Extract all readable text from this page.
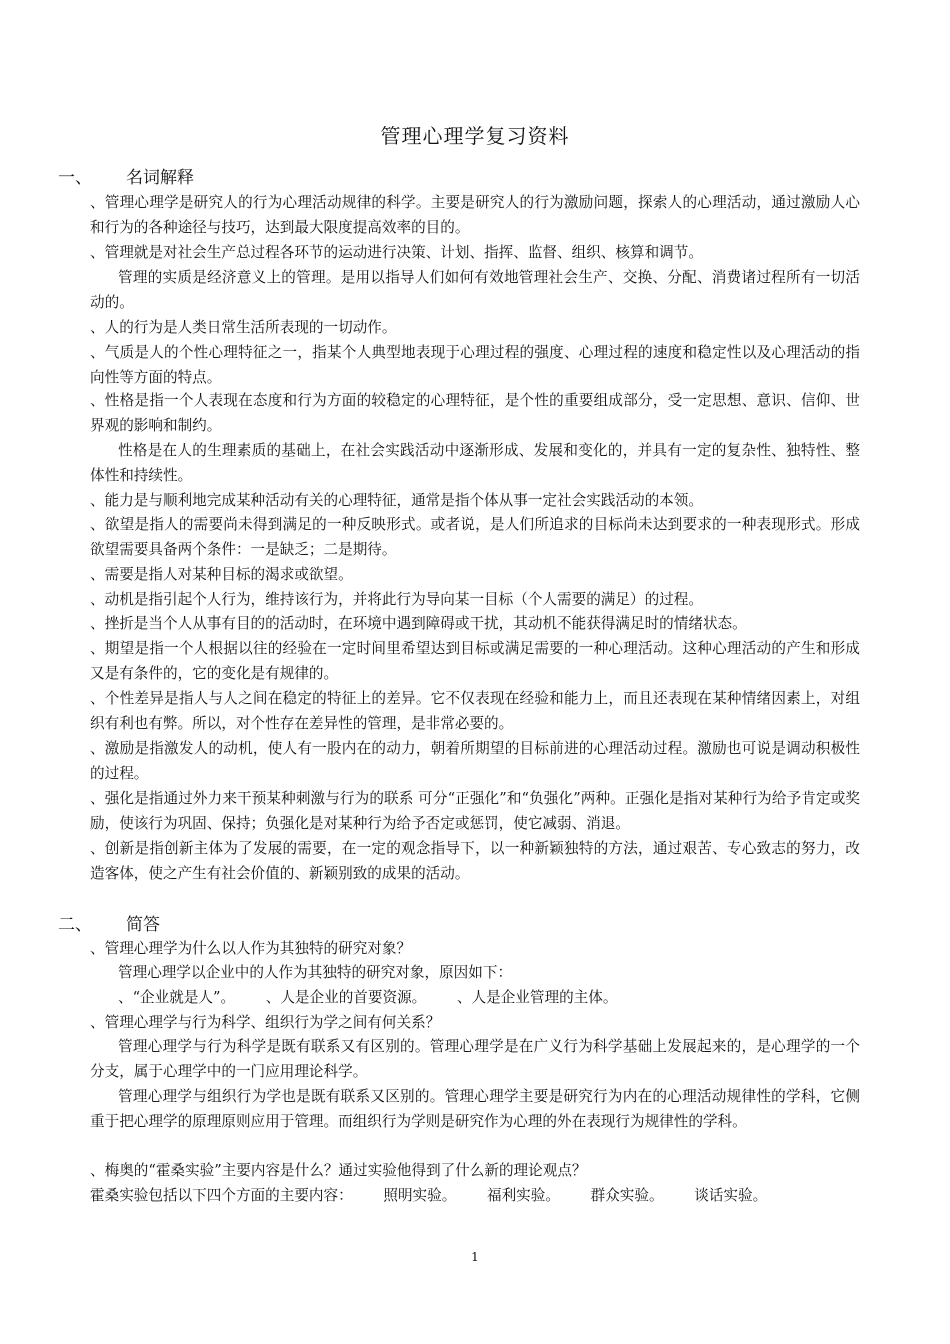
管理心理学复习资料
一、 名词解释

、管理心理学是研究人的行为心理活动规律的科学。主要是研究人的行为激励问题，探索人的心理活动，通过激励人心和行为的各种途径与技巧，达到最大限度提高效率的目的。

、管理就是对社会生产总过程各环节的运动进行决策、计划、指挥、监督、组织、核算和调节。

管理的实质是经济意义上的管理。是用以指导人们如何有效地管理社会生产、交换、分配、消费诸过程所有一切活动的。

、人的行为是人类日常生活所表现的一切动作。

、气质是人的个性心理特征之一，指某个人典型地表现于心理过程的强度、心理过程的速度和稳定性以及心理活动的指向性等方面的特点。

、性格是指一个人表现在态度和行为方面的较稳定的心理特征，是个性的重要组成部分，受一定思想、意识、信仰、世界观的影响和制约。

性格是在人的生理素质的基础上，在社会实践活动中逐渐形成、发展和变化的，并具有一定的复杂性、独特性、整体性和持续性。

、能力是与顺利地完成某种活动有关的心理特征，通常是指个体从事一定社会实践活动的本领。

、欲望是指人的需要尚未得到满足的一种反映形式。或者说，是人们所追求的目标尚未达到要求的一种表现形式。形成欲望需要具备两个条件：一是缺乏；二是期待。

、需要是指人对某种目标的渴求或欲望。

、动机是指引起个人行为，维持该行为，并将此行为导向某一目标（个人需要的满足）的过程。

、挫折是当个人从事有目的的活动时，在环境中遇到障碍或干扰，其动机不能获得满足时的情绪状态。

、期望是指一个人根据以往的经验在一定时间里希望达到目标或满足需要的一种心理活动。这种心理活动的产生和形成又是有条件的，它的变化是有规律的。

、个性差异是指人与人之间在稳定的特征上的差异。它不仅表现在经验和能力上，而且还表现在某种情绪因素上，对组织有利也有弊。所以，对个性存在差异性的管理，是非常必要的。

、激励是指激发人的动机，使人有一股内在的动力，朝着所期望的目标前进的心理活动过程。激励也可说是调动积极性的过程。

、强化是指通过外力来干预某种刺激与行为的联系 可分“正强化”和“负强化”两种。正强化是指对某种行为给予肯定或奖励，使该行为巩固、保持；负强化是对某种行为给予否定或惩罚，使它减弱、消退。

、创新是指创新主体为了发展的需要，在一定的观念指导下，以一种新颖独特的方法，通过艰苦、专心致志的努力，改造客体，使之产生有社会价值的、新颖别致的成果的活动。

二、 简答

、管理心理学为什么以人作为其独特的研究对象？

管理心理学以企业中的人作为其独特的研究对象，原因如下：

、“企业就是人”。 、人是企业的首要资源。 、人是企业管理的主体。

、管理心理学与行为科学、组织行为学之间有何关系？

管理心理学与行为科学是既有联系又有区别的。管理心理学是在广义行为科学基础上发展起来的，是心理学的一个分支，属于心理学中的一门应用理论科学。

管理心理学与组织行为学也是既有联系又区别的。管理心理学主要是研究行为内在的心理活动规律性的学科，它侧重于把心理学的原理原则应用于管理。而组织行为学则是研究作为心理的外在表现行为规律性的学科。

、梅奥的“霍桑实验”主要内容是什么？通过实验他得到了什么新的理论观点？

霍桑实验包括以下四个方面的主要内容： 照明实验。 福利实验。 群众实验。 谈话实验。

1
